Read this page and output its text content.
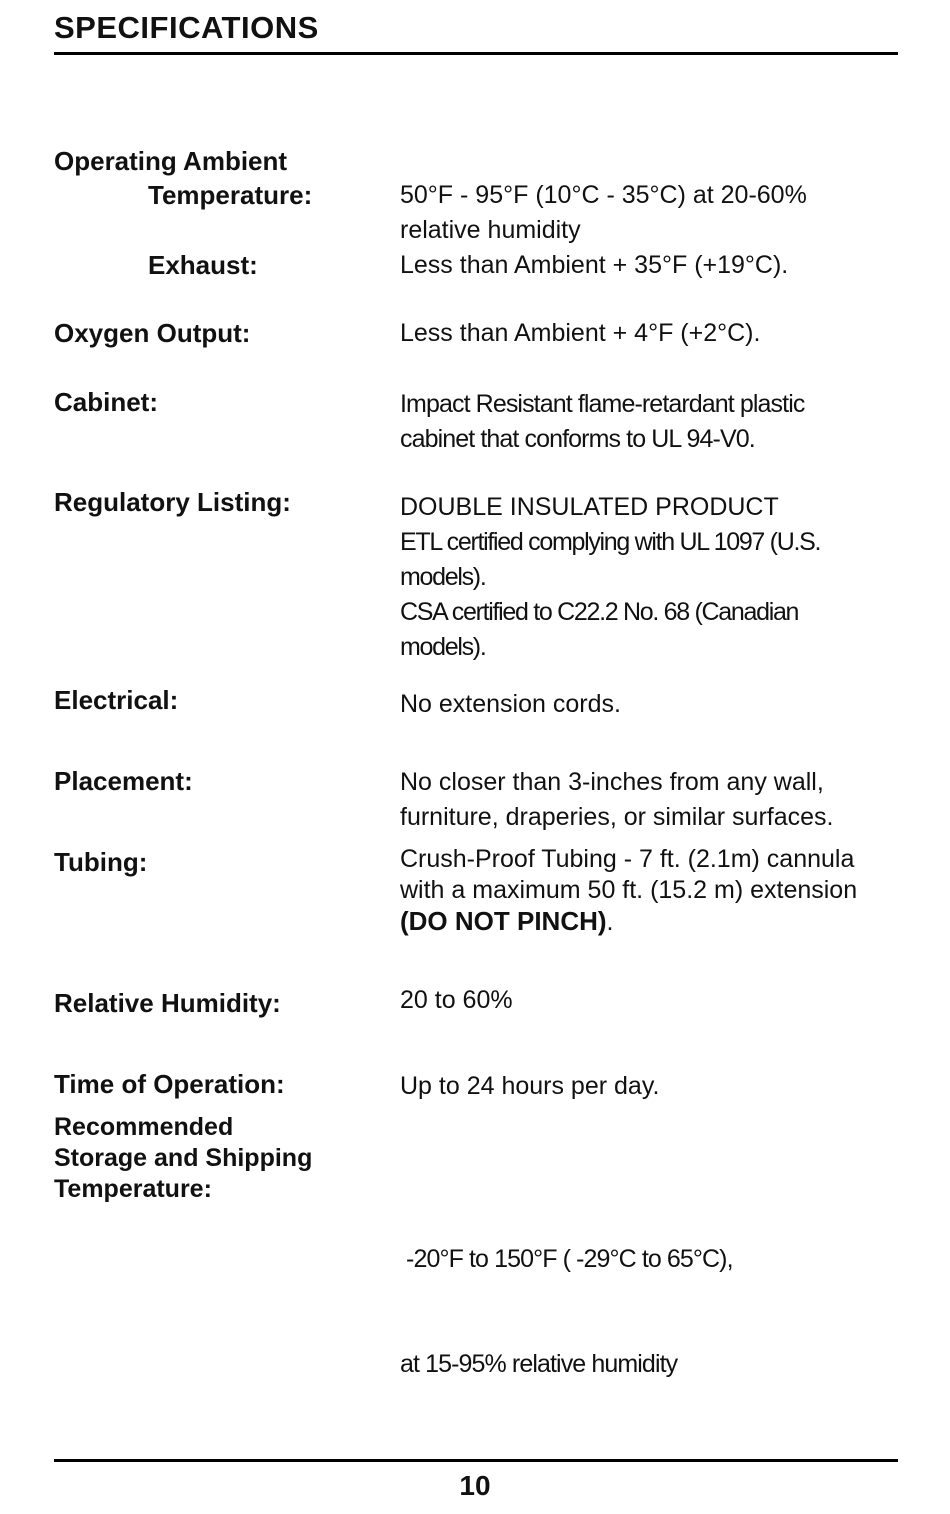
SPECIFICATIONS
Operating Ambient
Temperature:	50°F - 95°F (10°C - 35°C) at 20-60%
relative humidity
Exhaust:	Less than Ambient + 35°F (+19°C).
Oxygen Output:	Less than Ambient + 4°F (+2°C).
Cabinet:	Impact Resistant flame-retardant plastic
cabinet that conforms to UL 94-V0.
Regulatory Listing:	DOUBLE INSULATED PRODUCT
ETL certified complying with UL 1097 (U.S.
models).
CSA certified to C22.2 No. 68 (Canadian
models).
Electrical:	No extension cords.
Placement:	No closer than 3-inches from any wall,
furniture, draperies, or similar surfaces.
Tubing:	Crush-Proof Tubing - 7 ft. (2.1m) cannula
with a maximum 50 ft. (15.2 m) extension
(DO NOT PINCH).
Relative Humidity:	20 to 60%
Time of Operation:	Up to 24 hours per day.
Recommended
Storage and Shipping
Temperature:

-20°F to 150°F ( -29°C to 65°C),

at 15-95% relative humidity

10
